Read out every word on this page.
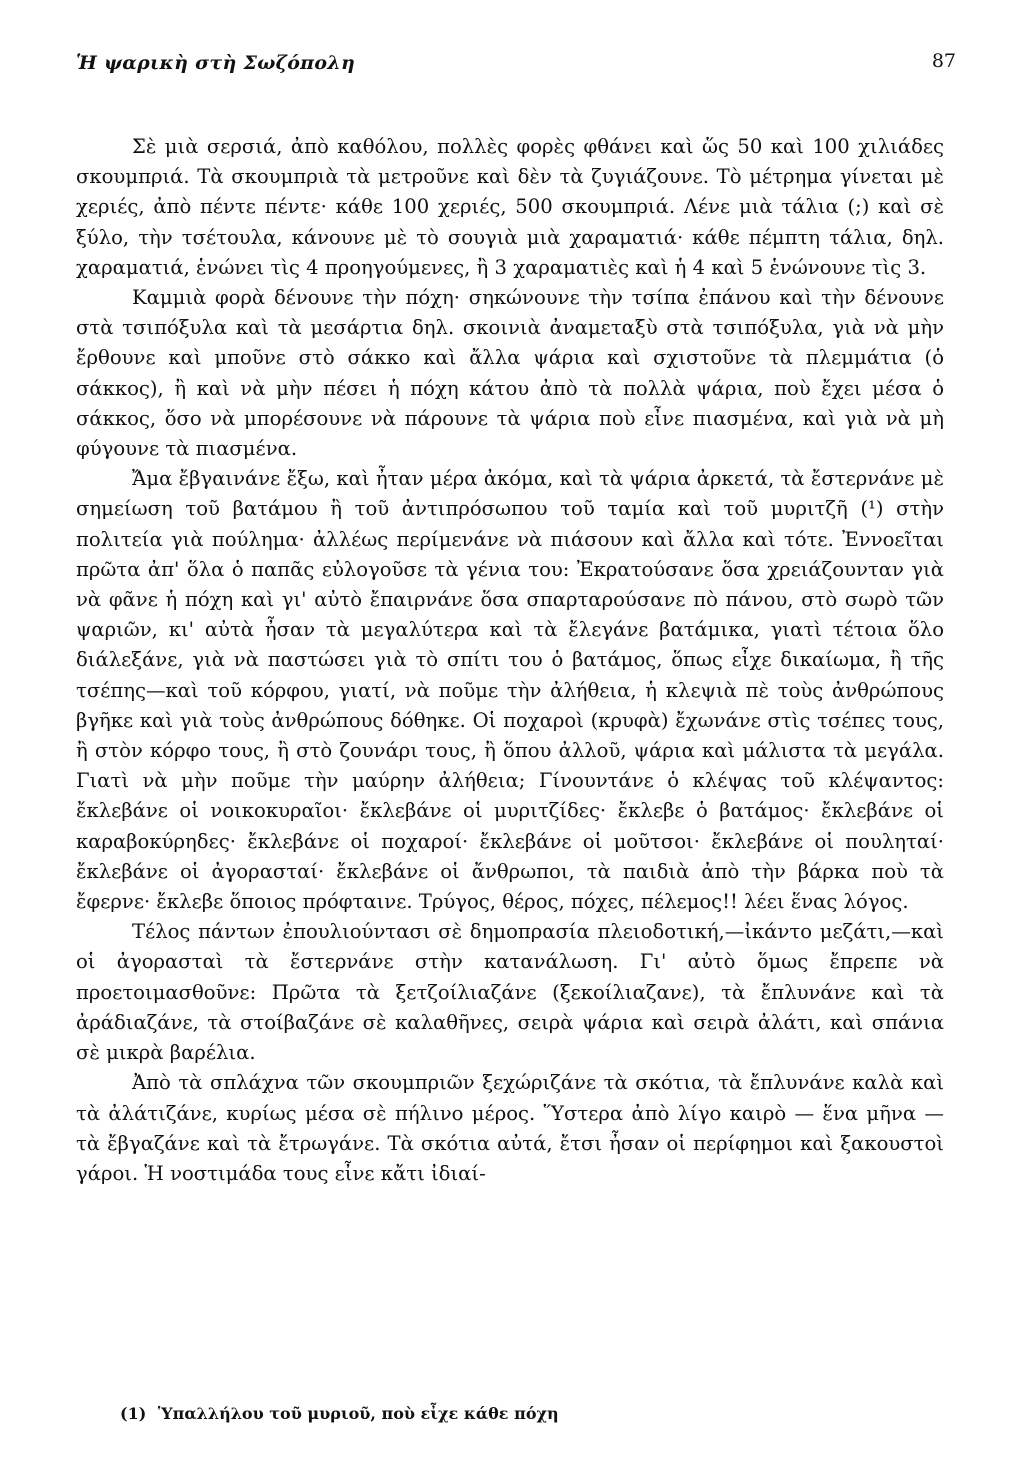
Ἡ ψαρικὴ στὴ Σωζόπολη	87

Σὲ μιὰ σερσιά, ἀπὸ καθόλου, πολλὲς φορὲς φθάνει καὶ ὥς 50 καὶ 100 χιλιάδες σκουμπριά. Τὰ σκουμπριὰ τὰ μετροῦνε καὶ δὲν τὰ ζυγιάζουνε. Τὸ μέτρημα γίνεται μὲ χεριές, ἀπὸ πέντε πέντε· κάθε 100 χεριές, 500 σκουμπριά. Λένε μιὰ τάλια (;) καὶ σὲ ξύλο, τὴν τσέτουλα, κάνουνε μὲ τὸ σουγιὰ μιὰ χαραματιά· κάθε πέμπτη τάλια, δηλ. χαραματιά, ἑνώνει τὶς 4 προηγούμενες, ἢ 3 χαραματιὲς καὶ ἡ 4 καὶ 5 ἑνώνουνε τὶς 3.

Καμμιὰ φορὰ δένουνε τὴν πόχη· σηκώνουνε τὴν τσίπα ἐπάνου καὶ τὴν δένουνε στὰ τσιπόξυλα καὶ τὰ μεσάρτια δηλ. σκοινιὰ ἀναμεταξὺ στὰ τσιπόξυλα, γιὰ νὰ μὴν ἔρθουνε καὶ μποῦνε στὸ σάκκο καὶ ἄλλα ψάρια καὶ σχιστοῦνε τὰ πλεμμάτια (ὁ σάκκος), ἢ καὶ νὰ μὴν πέσει ἡ πόχη κάτου ἀπὸ τὰ πολλὰ ψάρια, ποὺ ἔχει μέσα ὁ σάκκος, ὅσο νὰ μπορέσουνε νὰ πάρουνε τὰ ψάρια ποὺ εἶνε πιασμένα, καὶ γιὰ νὰ μὴ φύγουνε τὰ πιασμένα.

Ἄμα ἔβγαινάνε ἔξω, καὶ ἦταν μέρα ἀκόμα, καὶ τὰ ψάρια ἀρκετά, τὰ ἔστερνάνε μὲ σημείωση τοῦ βατάμου ἢ τοῦ ἀντιπρόσωπου τοῦ ταμία καὶ τοῦ μυριτζῆ (¹) στὴν πολιτεία γιὰ πούλημα· ἀλλέως περίμενάνε νὰ πιάσουν καὶ ἄλλα καὶ τότε. Ἐννοεῖται πρῶτα ἀπ' ὅλα ὁ παπᾶς εὐλογοῦσε τὰ γένια του: Ἐκρατούσανε ὅσα χρειάζουνταν γιὰ νὰ φᾶνε ἡ πόχη καὶ γι' αὐτὸ ἔπαιρνάνε ὅσα σπαρταρούσανε πὸ πάνου, στὸ σωρὸ τῶν ψαριῶν, κι' αὐτὰ ἦσαν τὰ μεγαλύτερα καὶ τὰ ἔλεγάνε βατάμικα, γιατὶ τέτοια ὅλο διάλεξάνε, γιὰ νὰ παστώσει γιὰ τὸ σπίτι του ὁ βατάμος, ὅπως εἶχε δικαίωμα, ἢ τῆς τσέπης—καὶ τοῦ κόρφου, γιατί, νὰ ποῦμε τὴν ἀλήθεια, ἡ κλεψιὰ πὲ τοὺς ἀνθρώπους βγῆκε καὶ γιὰ τοὺς ἀνθρώπους δόθηκε. Οἱ ποχαροὶ (κρυφὰ) ἔχωνάνε στὶς τσέπες τους, ἢ στὸν κόρφο τους, ἢ στὸ ζουνάρι τους, ἢ ὅπου ἀλλοῦ, ψάρια καὶ μάλιστα τὰ μεγάλα. Γιατὶ νὰ μὴν ποῦμε τὴν μαύρην ἀλήθεια; Γίνουντάνε ὁ κλέψας τοῦ κλέψαντος: ἔκλεβάνε οἱ νοικοκυραῖοι· ἔκλεβάνε οἱ μυριτζίδες· ἔκλεβε ὁ βατάμος· ἔκλεβάνε οἱ καραβοκύρηδες· ἔκλεβάνε οἱ ποχαροί· ἔκλεβάνε οἱ μοῦτσοι· ἔκλεβάνε οἱ πουληταί· ἔκλεβάνε οἱ ἀγορασταί· ἔκλεβάνε οἱ ἄνθρωποι, τὰ παιδιὰ ἀπὸ τὴν βάρκα ποὺ τὰ ἔφερνε· ἔκλεβε ὅποιος πρόφταινε. Τρύγος, θέρος, πόχες, πέλεμος!! λέει ἕνας λόγος.

Τέλος πάντων ἐπουλιούντασι σὲ δημοπρασία πλειοδοτική,—ἰκάντο μεζάτι,—καὶ οἱ ἀγορασταὶ τὰ ἔστερνάνε στὴν κατανάλωση. Γι' αὐτὸ ὅμως ἔπρεπε νὰ προετοιμασθοῦνε: Πρῶτα τὰ ξετζοίλιαζάνε (ξεκοίλιαζανε), τὰ ἔπλυνάνε καὶ τὰ ἀράδιαζάνε, τὰ στοίβαζάνε σὲ καλαθῆνες, σειρὰ ψάρια καὶ σειρὰ ἀλάτι, καὶ σπάνια σὲ μικρὰ βαρέλια.

Ἀπὸ τὰ σπλάχνα τῶν σκουμπριῶν ξεχώριζάνε τὰ σκότια, τὰ ἔπλυνάνε καλὰ καὶ τὰ ἀλάτιζάνε, κυρίως μέσα σὲ πήλινο μέρος. Ὕστερα ἀπὸ λίγο καιρὸ — ἕνα μῆνα — τὰ ἔβγαζάνε καὶ τὰ ἔτρωγάνε. Τὰ σκότια αὐτά, ἔτσι ἦσαν οἱ περίφημοι καὶ ξακουστοὶ γάροι. Ἡ νοστιμάδα τους εἶνε κἄτι ἰδιαί-

(1) Ὑπαλλήλου τοῦ μυριοῦ, ποὺ εἶχε κάθε πόχη
